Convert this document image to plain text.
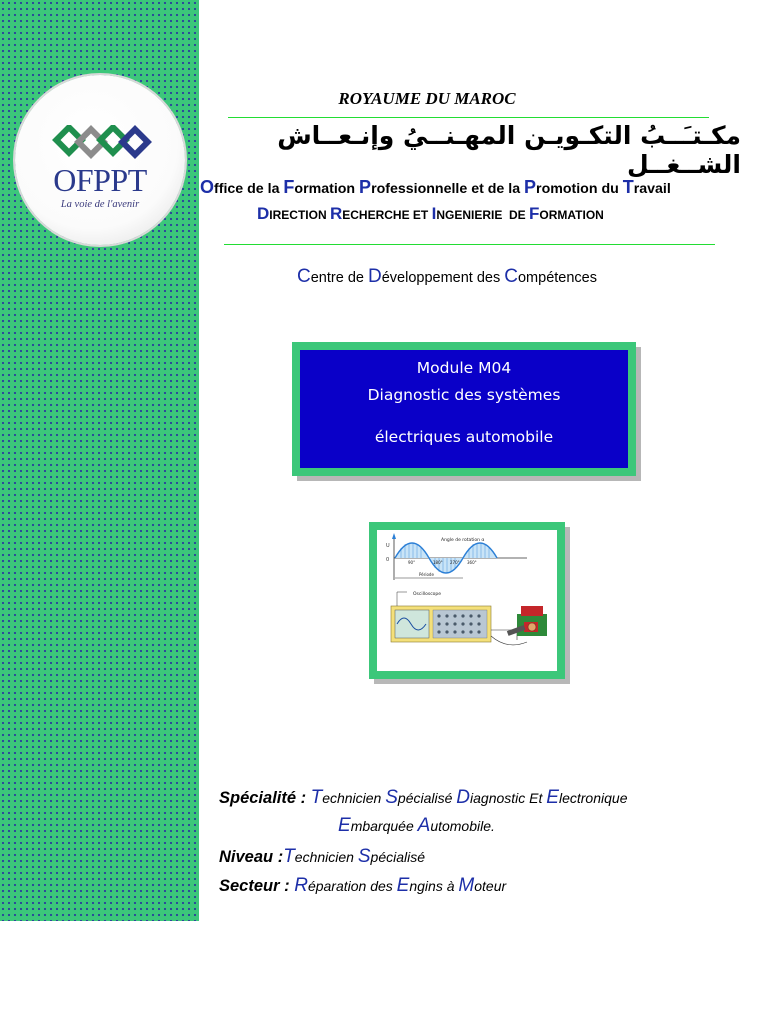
OFPPT
La voie de l'avenir
ROYAUME DU MAROC
مكـتـَــبُ التكـويـن المهـنــيُ وإنـعــاش الشــغــل
Office de la Formation Professionnelle et de la Promotion du Travail
DIRECTION RECHERCHE ET INGENIERIE  DE FORMATION
Centre de Développement des Compétences
Module M04
Diagnostic des systèmes
électriques automobile
U
0
Angle de rotation α
90°	180° 270° 360°
Période
Oscilloscope
Spécialité : Technicien Spécialisé Diagnostic Et Electronique
Embarquée Automobile.
Niveau :Technicien Spécialisé
Secteur : Réparation des Engins à Moteur
